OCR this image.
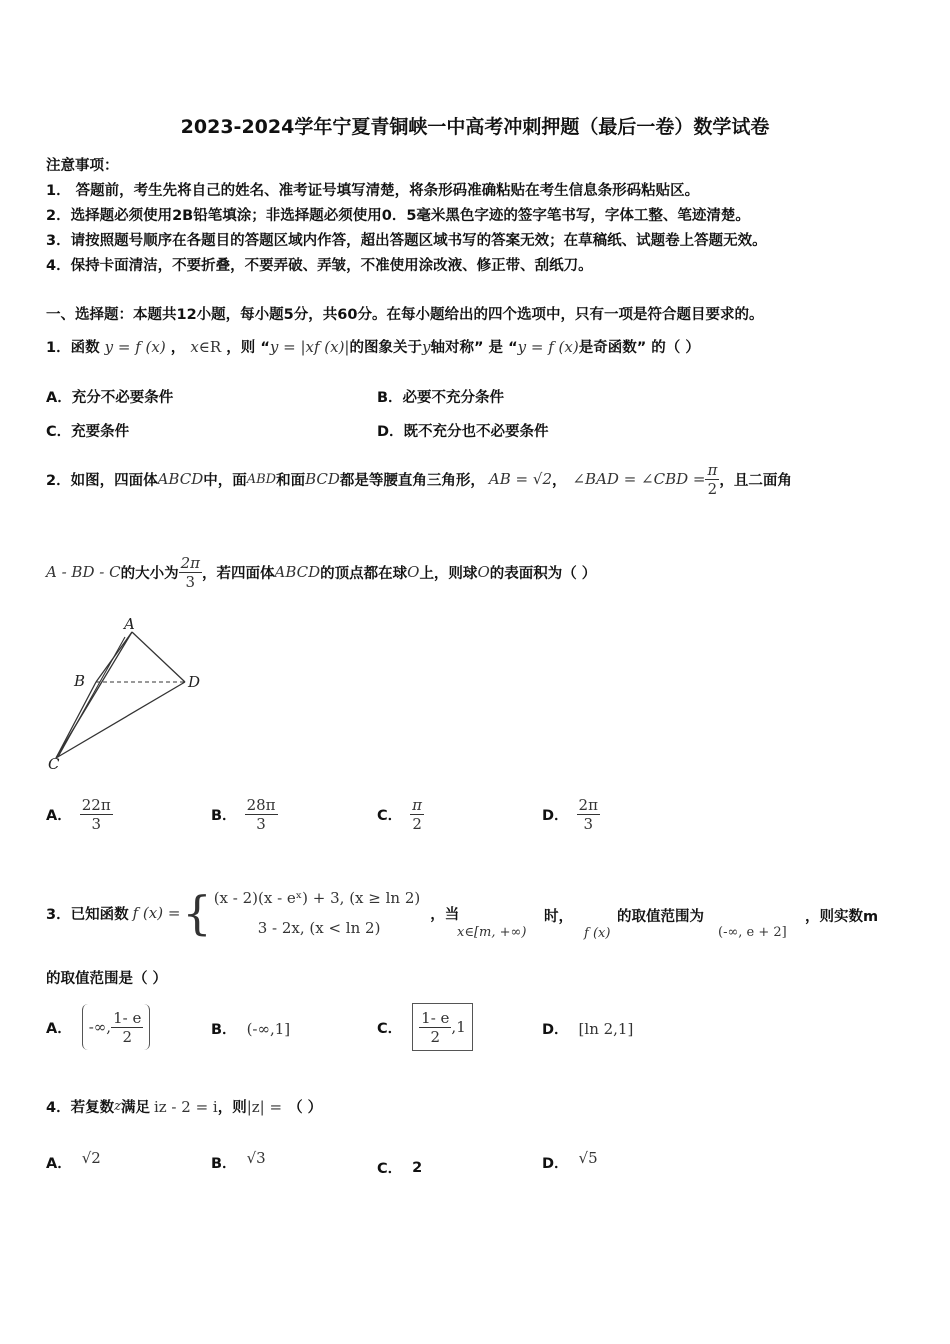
2023-2024学年宁夏青铜峡一中高考冲刺押题（最后一卷）数学试卷
注意事项：
1． 答题前，考生先将自己的姓名、准考证号填写清楚，将条形码准确粘贴在考生信息条形码粘贴区。
2．选择题必须使用2B铅笔填涂；非选择题必须使用0．5毫米黑色字迹的签字笔书写，字体工整、笔迹清楚。
3．请按照题号顺序在各题目的答题区域内作答，超出答题区域书写的答案无效；在草稿纸、试题卷上答题无效。
4．保持卡面清洁，不要折叠，不要弄破、弄皱，不准使用涂改液、修正带、刮纸刀。
一、选择题：本题共12小题，每小题5分，共60分。在每小题给出的四个选项中，只有一项是符合题目要求的。
1．函数 y = f (x) ， x∈R ，则 “y = |xf (x)|的图象关于y轴对称” 是 “y = f (x)是奇函数” 的（ ）
A．充分不必要条件	B．必要不充分条件
C．充要条件	D．既不充分也不必要条件
2．如图，四面体 ABCD 中，面 ABD 和面 BCD 都是等腰直角三角形， AB = √2 ， ∠BAD = ∠CBD = $\frac{\pi}{2}$ ，且二面角
A - BD - C 的大小为 $\frac{2\pi}{3}$ ，若四面体 ABCD 的顶点都在球 O 上，则球 O 的表面积为（ ）
A
B	D
C
A． $\frac{22\pi}{3}$	B． $\frac{28\pi}{3}$	C． $\frac{\pi}{2}$	D． $\frac{2\pi}{3}$
3．已知函数 f (x) = { (x - 2)(x - eˣ) + 3, (x ≥ ln 2)
3 - 2x, (x < ln 2)
，当
x∈[m, +∞)
时，
f (x)
的取值范围为
(-∞, e + 2]
，则实数m
的取值范围是（ ）
A． -∞, $\frac{1- e}{2}$	B． (-∞,1]	C． $\frac{1- e}{2} ,1$	D． [ln 2,1]
4．若复数 z 满足 iz - 2 = i ，则 |z| = （ ）
A． √2	B． √3
C． 2	D． √5
